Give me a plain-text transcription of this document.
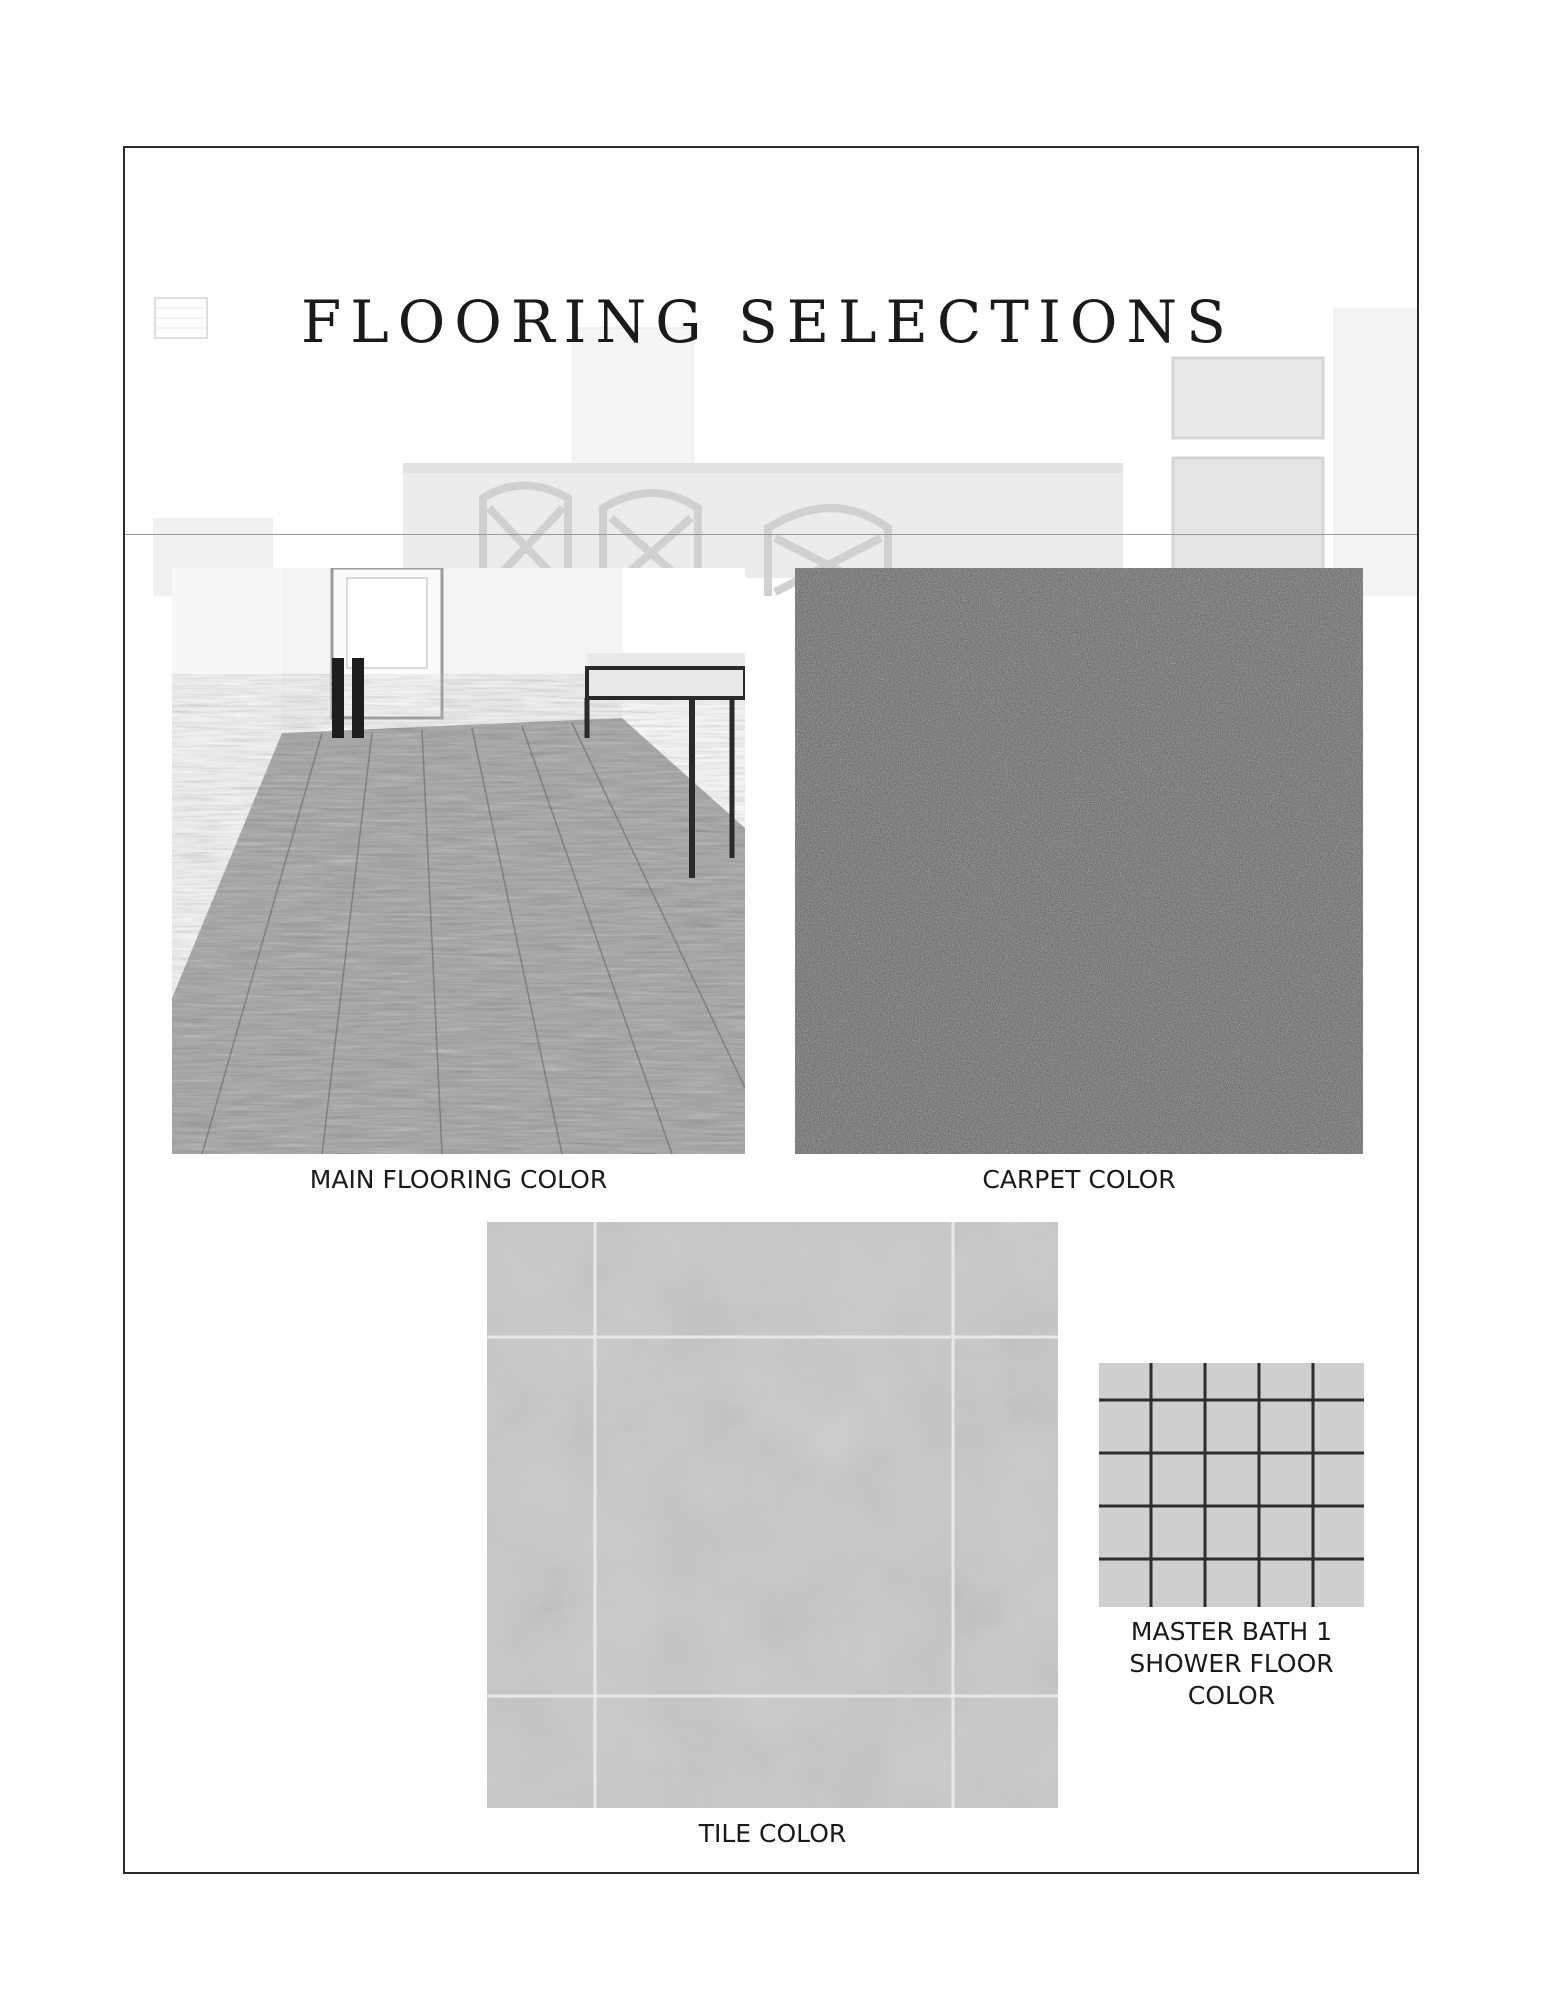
FLOORING SELECTIONS

MAIN FLOORING COLOR	CARPET COLOR

TILE COLOR

MASTER BATH 1
SHOWER FLOOR
COLOR
